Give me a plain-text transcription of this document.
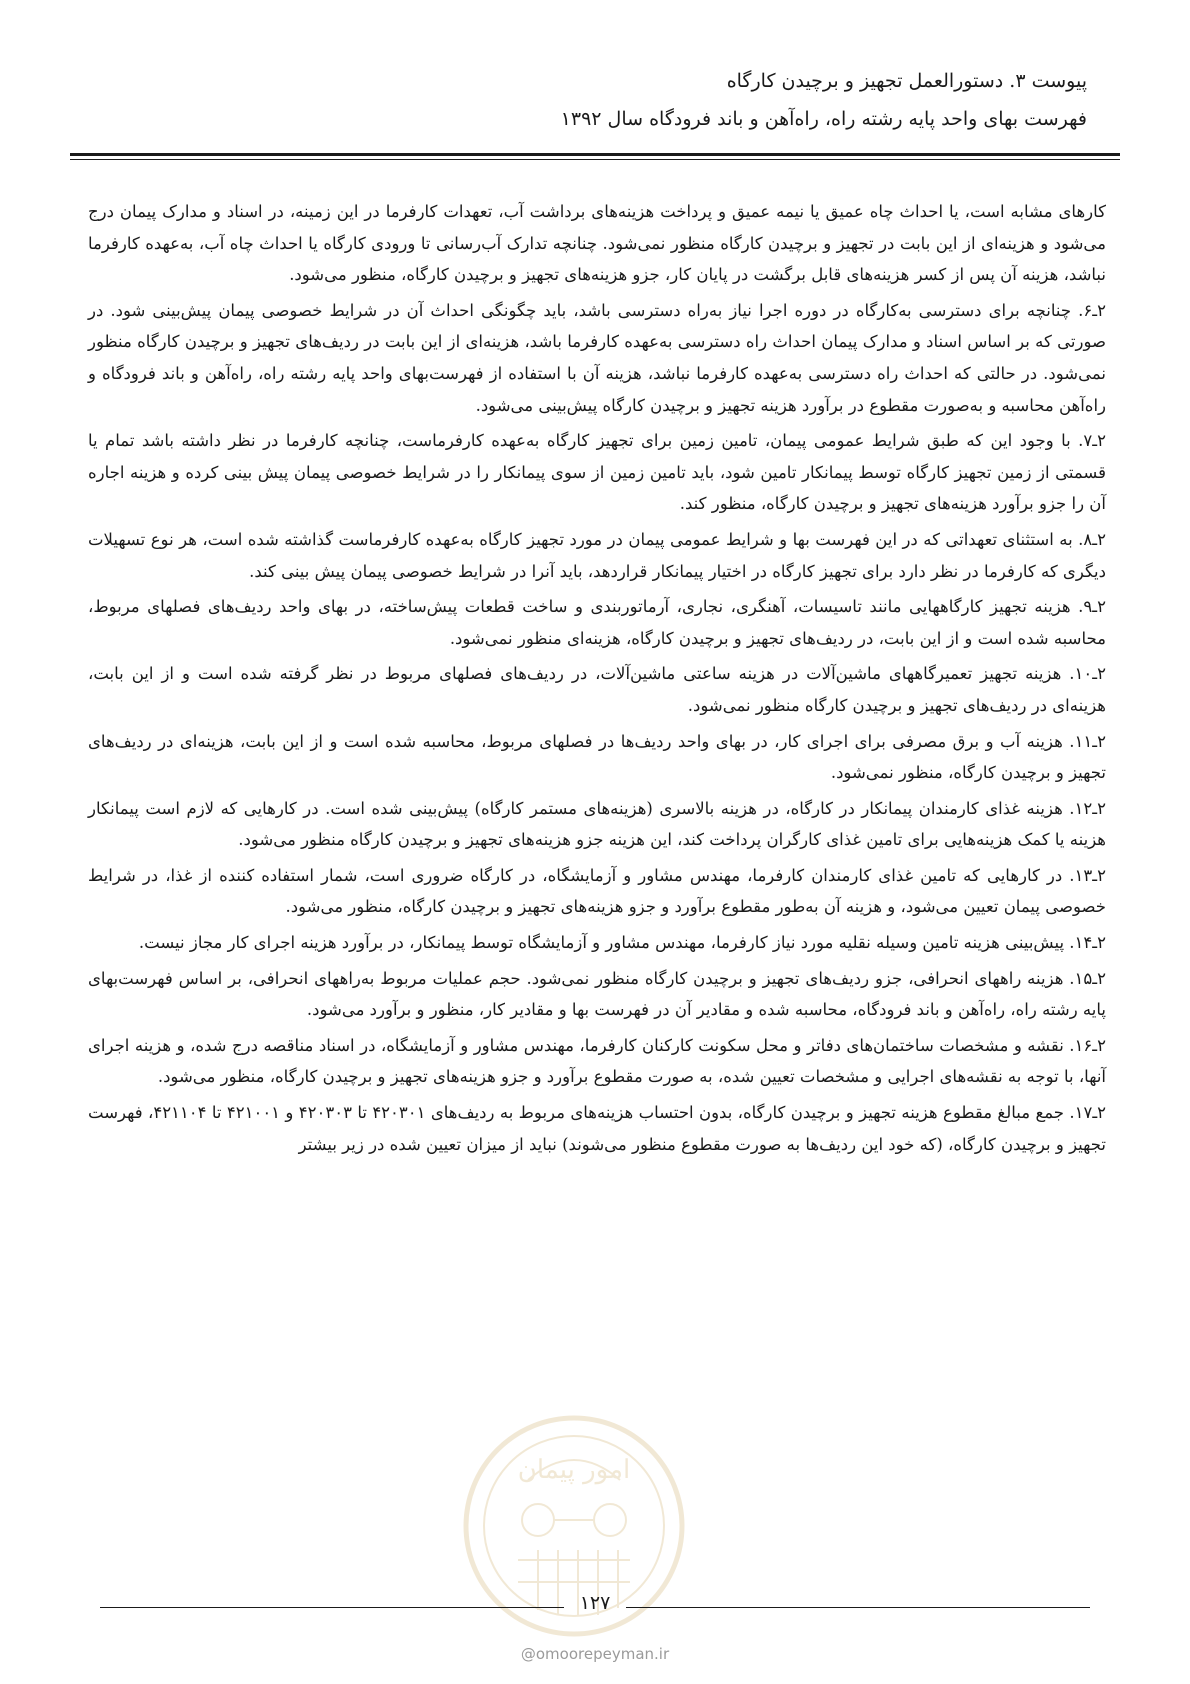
پیوست ۳. دستورالعمل تجهیز و برچیدن کارگاه
فهرست بهای واحد پایه رشته راه، راه‌آهن و باند فرودگاه سال ۱۳۹۲

کارهای مشابه است، یا احداث چاه عمیق یا نیمه عمیق و پرداخت هزینه‌های برداشت آب، تعهدات کارفرما در این زمینه، در اسناد و مدارک پیمان درج می‌شود و هزینه‌ای از این بابت در تجهیز و برچیدن کارگاه منظور نمی‌شود. چنانچه تدارک آب‌رسانی تا ورودی کارگاه یا احداث چاه آب، به‌عهده کارفرما نباشد، هزینه آن پس از کسر هزینه‌های قابل برگشت در پایان کار، جزو هزینه‌های تجهیز و برچیدن کارگاه، منظور می‌شود.

۲ـ۶. چنانچه برای دسترسی به‌کارگاه در دوره اجرا نیاز به‌راه دسترسی باشد، باید چگونگی احداث آن در شرایط خصوصی پیمان پیش‌بینی شود. در صورتی که بر اساس اسناد و مدارک پیمان احداث راه دسترسی به‌عهده کارفرما باشد، هزینه‌ای از این بابت در ردیف‌های تجهیز و برچیدن کارگاه منظور نمی‌شود. در حالتی که احداث راه دسترسی به‌عهده کارفرما نباشد، هزینه آن با استفاده از فهرست‌بهای واحد پایه رشته راه، راه‌آهن و باند فرودگاه و راه‌آهن محاسبه و به‌صورت مقطوع در برآورد هزینه تجهیز و برچیدن کارگاه پیش‌بینی می‌شود.

۲ـ۷. با وجود این که طبق شرایط عمومی پیمان، تامین زمین برای تجهیز کارگاه به‌عهده کارفرماست، چنانچه کارفرما در نظر داشته باشد تمام یا قسمتی از زمین تجهیز کارگاه توسط پیمانکار تامین شود، باید تامین زمین از سوی پیمانکار را در شرایط خصوصی پیمان پیش بینی کرده و هزینه اجاره آن را جزو برآورد هزینه‌های تجهیز و برچیدن کارگاه، منظور کند.

۲ـ۸. به استثنای تعهداتی که در این فهرست بها و شرایط عمومی پیمان در مورد تجهیز کارگاه به‌عهده کارفرماست گذاشته شده است، هر نوع تسهیلات دیگری که کارفرما در نظر دارد برای تجهیز کارگاه در اختیار پیمانکار قراردهد، باید آنرا در شرایط خصوصی پیمان پیش بینی کند.

۲ـ۹. هزینه تجهیز کارگاههایی مانند تاسیسات، آهنگری، نجاری، آرماتوربندی و ساخت قطعات پیش‌ساخته، در بهای واحد ردیف‌های فصلهای مربوط، محاسبه شده است و از این بابت، در ردیف‌های تجهیز و برچیدن کارگاه، هزینه‌ای منظور نمی‌شود.

۲ـ۱۰. هزینه تجهیز تعمیرگاههای ماشین‌آلات در هزینه ساعتی ماشین‌آلات، در ردیف‌های فصلهای مربوط در نظر گرفته شده است و از این بابت، هزینه‌ای در ردیف‌های تجهیز و برچیدن کارگاه منظور نمی‌شود.

۲ـ۱۱. هزینه آب و برق مصرفی برای اجرای کار، در بهای واحد ردیف‌ها در فصلهای مربوط، محاسبه شده است و از این بابت، هزینه‌ای در ردیف‌های تجهیز و برچیدن کارگاه، منظور نمی‌شود.

۲ـ۱۲. هزینه غذای کارمندان پیمانکار در کارگاه، در هزینه بالاسری (هزینه‌های مستمر کارگاه) پیش‌بینی شده است. در کارهایی که لازم است پیمانکار هزینه یا کمک هزینه‌هایی برای تامین غذای کارگران پرداخت کند، این هزینه جزو هزینه‌های تجهیز و برچیدن کارگاه منظور می‌شود.

۲ـ۱۳. در کارهایی که تامین غذای کارمندان کارفرما، مهندس مشاور و آزمایشگاه، در کارگاه ضروری است، شمار استفاده کننده از غذا، در شرایط خصوصی پیمان تعیین می‌شود، و هزینه آن به‌طور مقطوع برآورد و جزو هزینه‌های تجهیز و برچیدن کارگاه، منظور می‌شود.

۲ـ۱۴. پیش‌بینی هزینه تامین وسیله نقلیه مورد نیاز کارفرما، مهندس مشاور و آزمایشگاه توسط پیمانکار، در برآورد هزینه اجرای کار مجاز نیست.

۲ـ۱۵. هزینه راههای انحرافی، جزو ردیف‌های تجهیز و برچیدن کارگاه منظور نمی‌شود. حجم عملیات مربوط به‌راههای انحرافی، بر اساس فهرست‌بهای پایه رشته راه، راه‌آهن و باند فرودگاه، محاسبه شده و مقادیر آن در فهرست بها و مقادیر کار، منظور و برآورد می‌شود.

۲ـ۱۶. نقشه و مشخصات ساختمان‌های دفاتر و محل سکونت کارکنان کارفرما، مهندس مشاور و آزمایشگاه، در اسناد مناقصه درج شده، و هزینه اجرای آنها، با توجه به نقشه‌های اجرایی و مشخصات تعیین شده، به صورت مقطوع برآورد و جزو هزینه‌های تجهیز و برچیدن کارگاه، منظور می‌شود.

۲ـ۱۷. جمع مبالغ مقطوع هزینه تجهیز و برچیدن کارگاه، بدون احتساب هزینه‌های مربوط به ردیف‌های ۴۲۰۳۰۱ تا ۴۲۰۳۰۳ و ۴۲۱۰۰۱ تا ۴۲۱۱۰۴، فهرست تجهیز و برچیدن کارگاه، (که خود این ردیف‌ها به صورت مقطوع منظور می‌شوند) نباید از میزان تعیین شده در زیر بیشتر

امور پیمان
۱۲۷
@omoorepeyman.ir
